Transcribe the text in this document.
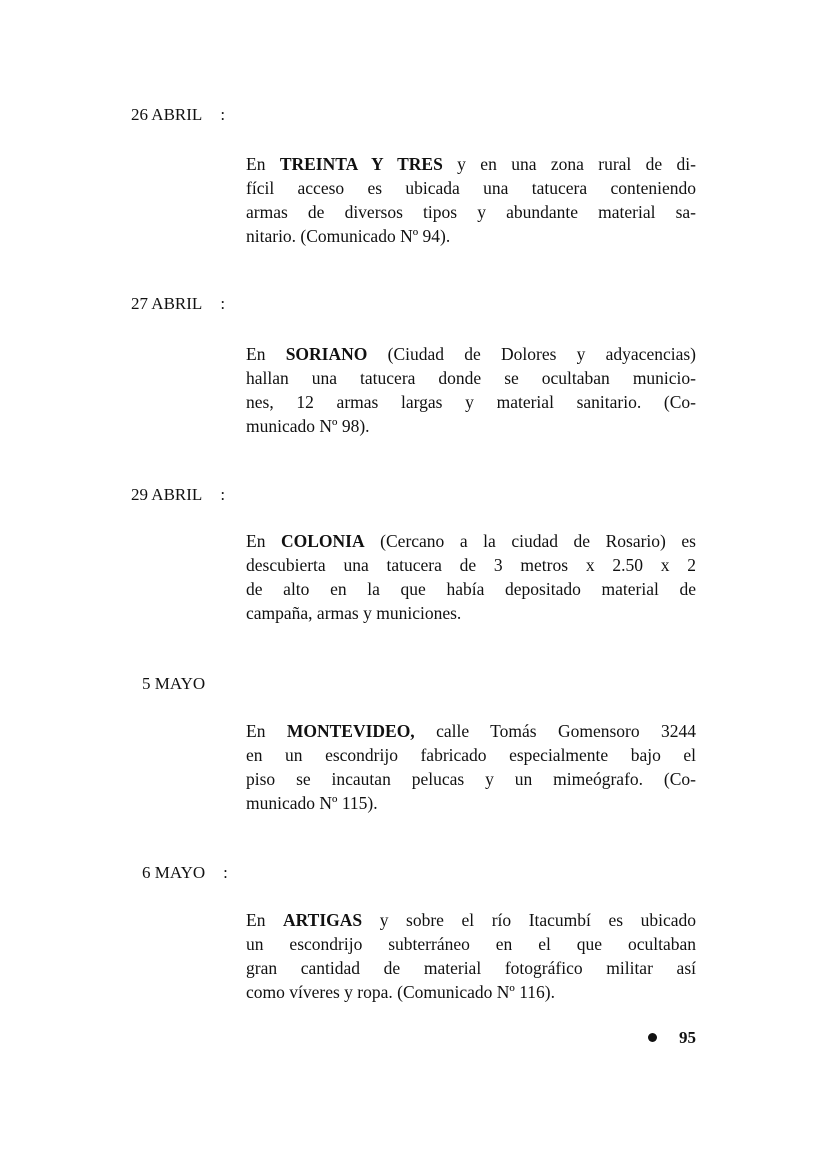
26 ABRIL :

En TREINTA Y TRES y en una zona rural de di-
fícil acceso es ubicada una tatucera conteniendo
armas de diversos tipos y abundante material sa-
nitario. (Comunicado Nº 94).

27 ABRIL :

En SORIANO (Ciudad de Dolores y adyacencias)
hallan una tatucera donde se ocultaban municio-
nes, 12 armas largas y material sanitario. (Co-
municado Nº 98).

29 ABRIL :

En COLONIA (Cercano a la ciudad de Rosario) es
descubierta una tatucera de 3 metros x 2.50 x 2
de alto en la que había depositado material de
campaña, armas y municiones.

5 MAYO

En MONTEVIDEO, calle Tomás Gomensoro 3244
en un escondrijo fabricado especialmente bajo el
piso se incautan pelucas y un mimeógrafo. (Co-
municado Nº 115).

6 MAYO :

En ARTIGAS y sobre el río Itacumbí es ubicado
un escondrijo subterráneo en el que ocultaban
gran cantidad de material fotográfico militar así
como víveres y ropa. (Comunicado Nº 116).

95
